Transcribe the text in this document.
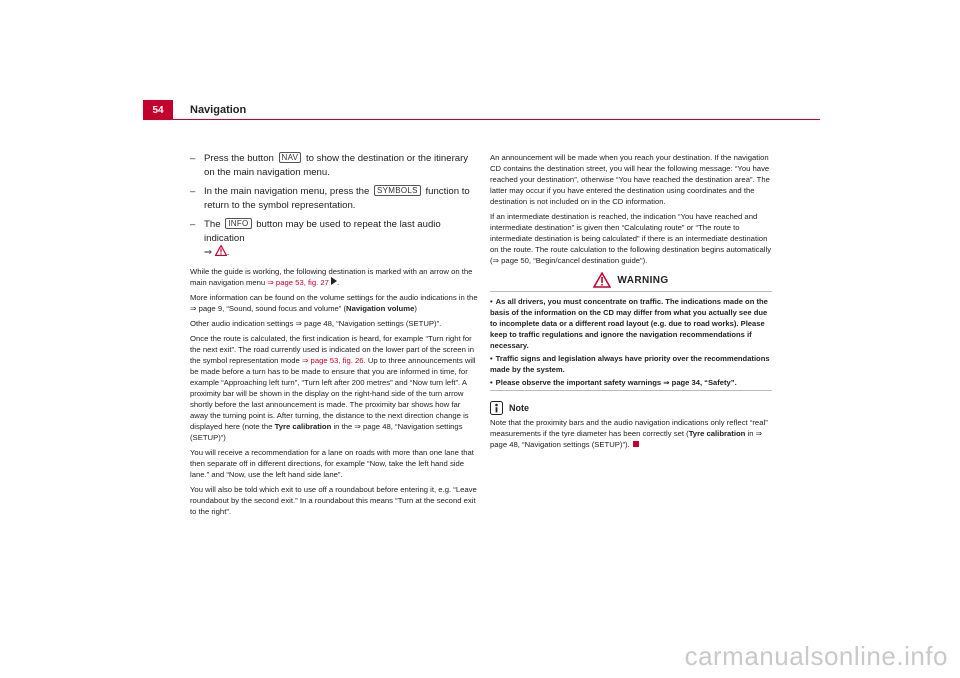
54	Navigation
– Press the button NAV to show the destination or the itinerary on the main navigation menu.
– In the main navigation menu, press the SYMBOLS function to return to the symbol representation.
– The INFO button may be used to repeat the last audio indication
⇒ .

While the guide is working, the following destination is marked with an arrow on the main navigation menu ⇒ page 53, fig. 27 .

More information can be found on the volume settings for the audio indications in the ⇒ page 9, “Sound, sound focus and volume” (Navigation volume)

Other audio indication settings ⇒ page 48, “Navigation settings (SETUP)”.

Once the route is calculated, the first indication is heard, for example “Turn right for the next exit”. The road currently used is indicated on the lower part of the screen in the symbol representation mode ⇒ page 53, fig. 26. Up to three announcements will be made before a turn has to be made to ensure that you are informed in time, for example “Approaching left turn”, “Turn left after 200 metres” and “Now turn left”. A proximity bar will be shown in the display on the right-hand side of the turn arrow shortly before the last announcement is made. The proximity bar shows how far away the turning point is. After turning, the distance to the next direction change is displayed here (note the Tyre calibration in the ⇒ page 48, “Navigation settings (SETUP)”)

You will receive a recommendation for a lane on roads with more than one lane that then separate off in different directions, for example “Now, take the left hand side lane.” and “Now, use the left hand side lane”.

You will also be told which exit to use off a roundabout before entering it, e.g. “Leave roundabout by the second exit.” In a roundabout this means “Turn at the second exit to the right”.

An announcement will be made when you reach your destination. If the navigation CD contains the destination street, you will hear the following message: “You have reached your destination”, otherwise “You have reached the destination area”. The latter may occur if you have entered the destination using coordinates and the destination is not included on in the CD information.

If an intermediate destination is reached, the indication “You have reached and intermediate destination” is given then “Calculating route” or “The route to intermediate destination is being calculated” if there is an intermediate destination on the route. The route calculation to the following destination begins automatically (⇒ page 50, “Begin/cancel destination guide”).

WARNING
• As all drivers, you must concentrate on traffic. The indications made on the basis of the information on the CD may differ from what you actually see due to incomplete data or a different road layout (e.g. due to road works). Please keep to traffic regulations and ignore the navigation recommendations if necessary.
• Traffic signs and legislation always have priority over the recommendations made by the system.
• Please observe the important safety warnings ⇒ page 34, “Safety”.
Note

Note that the proximity bars and the audio navigation indications only reflect “real” measurements if the tyre diameter has been correctly set (Tyre calibration in ⇒ page 48, “Navigation settings (SETUP)”).

carmanualsonline.info
